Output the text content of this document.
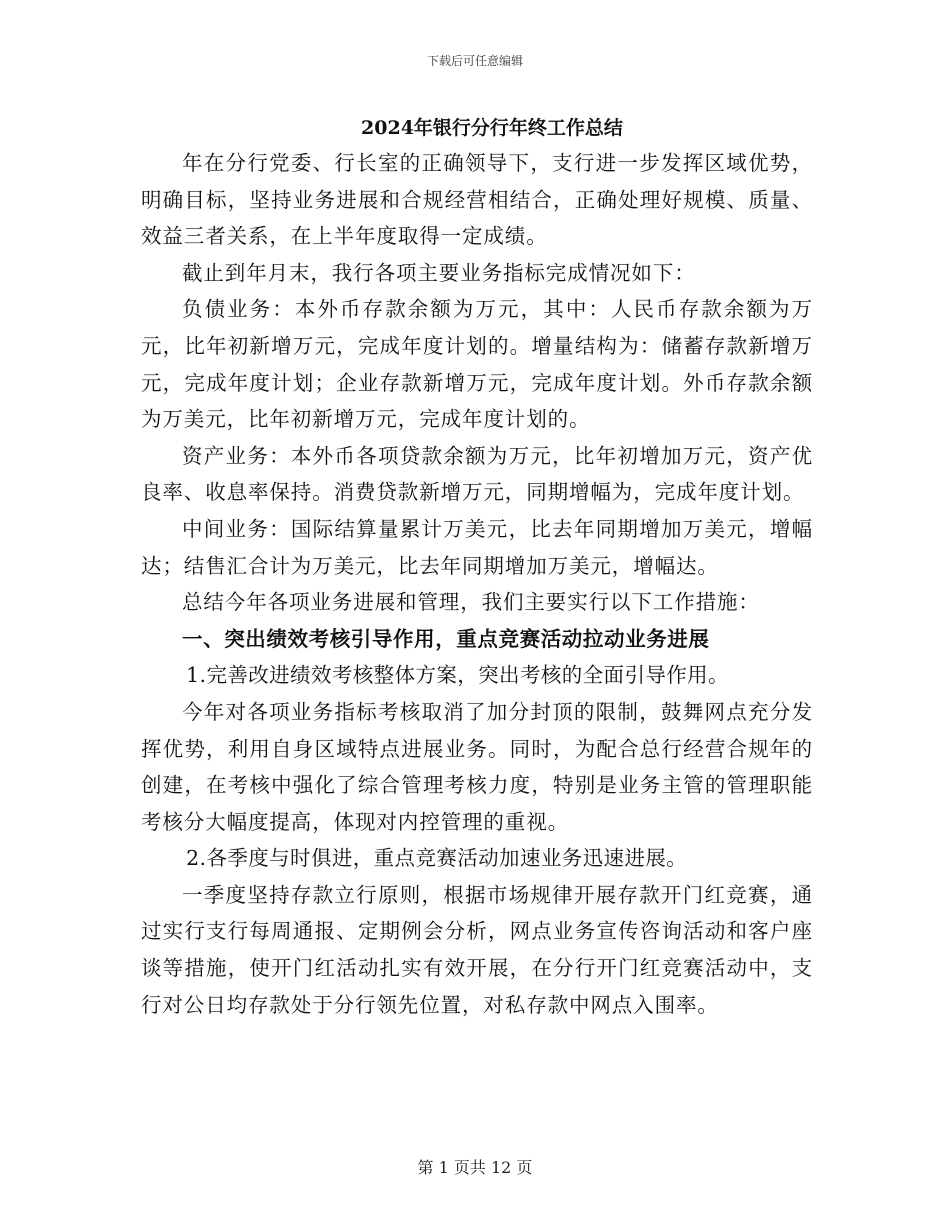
下载后可任意编辑
2024年银行分行年终工作总结

年在分行党委、行长室的正确领导下，支行进一步发挥区域优势，明确目标，坚持业务进展和合规经营相结合，正确处理好规模、质量、效益三者关系，在上半年度取得一定成绩。

截止到年月末，我行各项主要业务指标完成情况如下：

负债业务：本外币存款余额为万元，其中：人民币存款余额为万元，比年初新增万元，完成年度计划的。增量结构为：储蓄存款新增万元，完成年度计划；企业存款新增万元，完成年度计划。外币存款余额为万美元，比年初新增万元，完成年度计划的。

资产业务：本外币各项贷款余额为万元，比年初增加万元，资产优良率、收息率保持。消费贷款新增万元，同期增幅为，完成年度计划。

中间业务：国际结算量累计万美元，比去年同期增加万美元，增幅达；结售汇合计为万美元，比去年同期增加万美元，增幅达。

总结今年各项业务进展和管理，我们主要实行以下工作措施：

一、突出绩效考核引导作用，重点竞赛活动拉动业务进展

1.完善改进绩效考核整体方案，突出考核的全面引导作用。

今年对各项业务指标考核取消了加分封顶的限制，鼓舞网点充分发挥优势，利用自身区域特点进展业务。同时，为配合总行经营合规年的创建，在考核中强化了综合管理考核力度，特别是业务主管的管理职能考核分大幅度提高，体现对内控管理的重视。

2.各季度与时俱进，重点竞赛活动加速业务迅速进展。

一季度坚持存款立行原则，根据市场规律开展存款开门红竞赛，通过实行支行每周通报、定期例会分析，网点业务宣传咨询活动和客户座谈等措施，使开门红活动扎实有效开展，在分行开门红竞赛活动中，支行对公日均存款处于分行领先位置，对私存款中网点入围率。

第 1 页共 12 页
